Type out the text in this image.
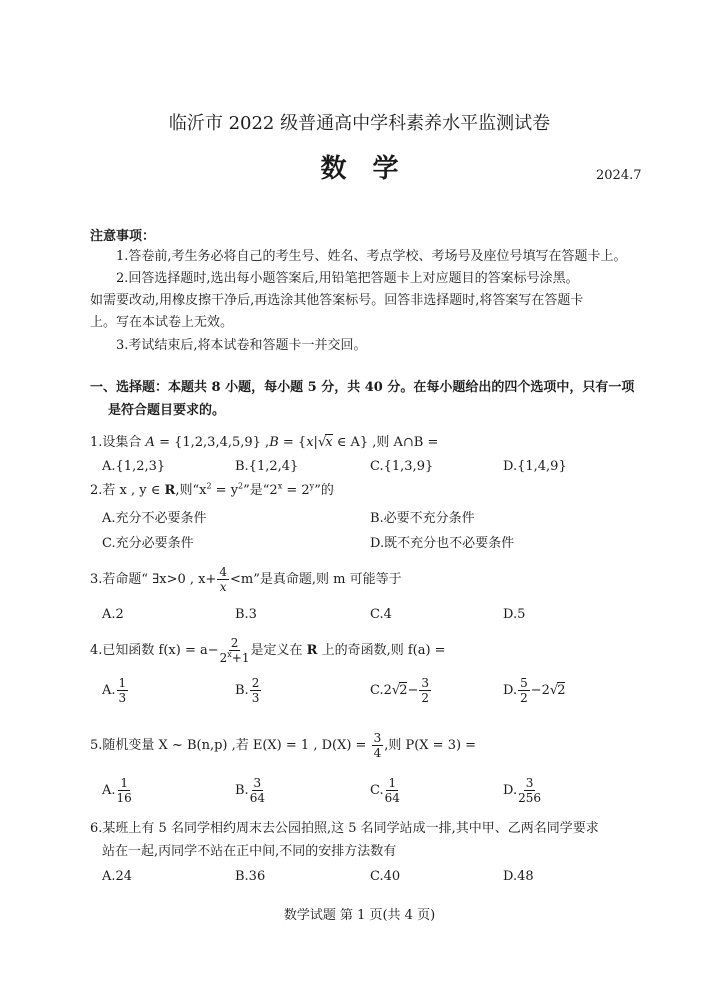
临沂市 2022 级普通高中学科素养水平监测试卷
数　学	2024.7
注意事项：
1.答卷前,考生务必将自己的考生号、姓名、考点学校、考场号及座位号填写在答题卡上。
2.回答选择题时,选出每小题答案后,用铅笔把答题卡上对应题目的答案标号涂黑。
如需要改动,用橡皮擦干净后,再选涂其他答案标号。回答非选择题时,将答案写在答题卡
上。写在本试卷上无效。
3.考试结束后,将本试卷和答题卡一并交回。
一、选择题：本题共 8 小题，每小题 5 分，共 40 分。在每小题给出的四个选项中，只有一项
是符合题目要求的。
1.设集合 A = {1,2,3,4,5,9} ,B = {x|√x ∈ A} ,则 A∩B =
A.{1,2,3}	B.{1,2,4}	C.{1,3,9}	D.{1,4,9}
2.若 x , y ∈ R,则“$x^2 = y^2$”是“$2^x = 2^y$”的
A.充分不必要条件	B.必要不充分条件
C.充分必要条件	D.既不充分也不必要条件
3.若命题“ ∃x>0 , $x+ \frac{4}{x} <m$”是真命题,则 m 可能等于
A.2	B.3	C.4	D.5
4.已知函数 $f(x) = a- \frac{2}{2^x+1}$ 是定义在 R 上的奇函数,则 f(a) =
A. $\frac{1}{3}$	B. $\frac{2}{3}$	$C.2√2- \frac{3}{2}$	D. $\frac{5}{2} -2√2$
5.随机变量 X ~ B(n,p) ,若 E(X) = 1 , $D(X) = \frac{3}{4}$ ,则 P(X = 3) =
A. $\frac{1}{16}$	B. $\frac{3}{64}$	C. $\frac{1}{64}$	D. $\frac{3}{256}$
6.某班上有 5 名同学相约周末去公园拍照,这 5 名同学站成一排,其中甲、乙两名同学要求
站在一起,丙同学不站在正中间,不同的安排方法数有
A.24	B.36	C.40	D.48
数学试题 第 1 页(共 4 页)
